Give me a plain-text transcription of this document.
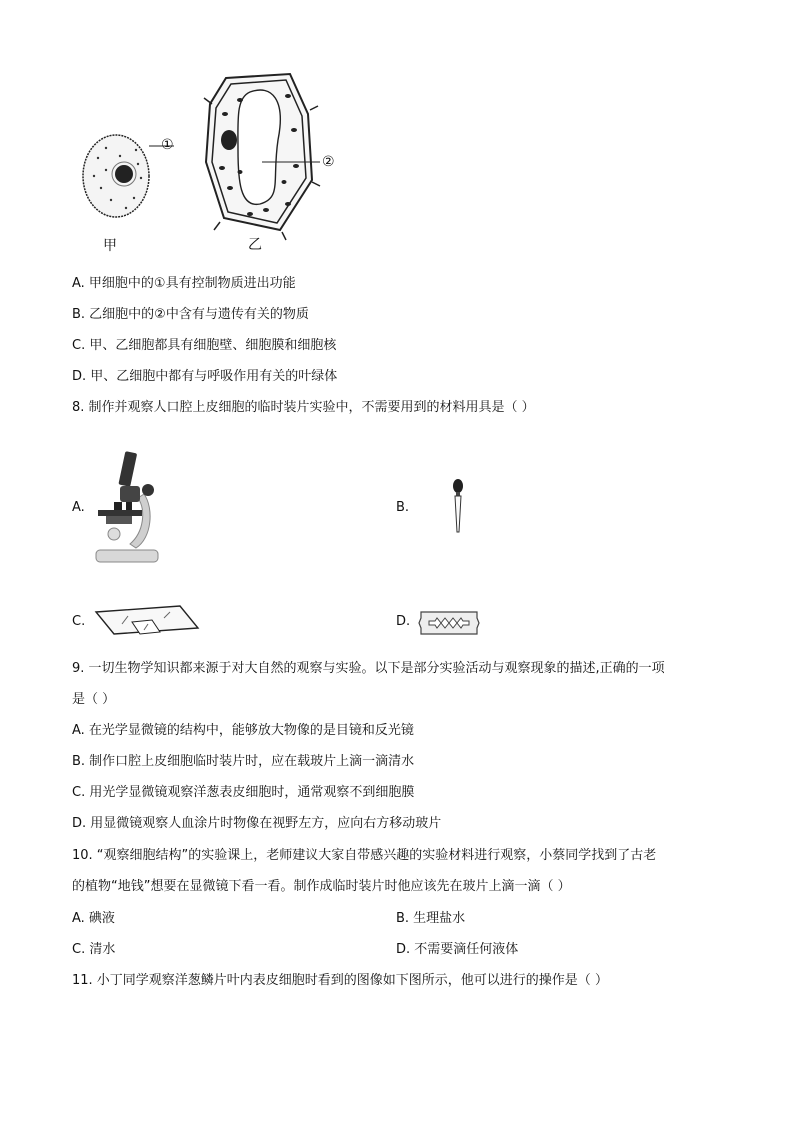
①
②
甲	乙
A. 甲细胞中的①具有控制物质进出功能
B. 乙细胞中的②中含有与遗传有关的物质
C. 甲、乙细胞都具有细胞壁、细胞膜和细胞核
D. 甲、乙细胞中都有与呼吸作用有关的叶绿体
8. 制作并观察人口腔上皮细胞的临时装片实验中，不需要用到的材料用具是（ ）
A.	B.
C.	D.
9. 一切生物学知识都来源于对大自然的观察与实验。以下是部分实验活动与观察现象的描述,正确的一项
是（ ）
A. 在光学显微镜的结构中，能够放大物像的是目镜和反光镜
B. 制作口腔上皮细胞临时装片时，应在载玻片上滴一滴清水
C. 用光学显微镜观察洋葱表皮细胞时，通常观察不到细胞膜
D. 用显微镜观察人血涂片时物像在视野左方，应向右方移动玻片
10. “观察细胞结构”的实验课上，老师建议大家自带感兴趣的实验材料进行观察，小蔡同学找到了古老
的植物“地钱”想要在显微镜下看一看。制作成临时装片时他应该先在玻片上滴一滴（ ）
A. 碘液	B. 生理盐水
C. 清水	D. 不需要滴任何液体
11. 小丁同学观察洋葱鳞片叶内表皮细胞时看到的图像如下图所示，他可以进行的操作是（ ）
